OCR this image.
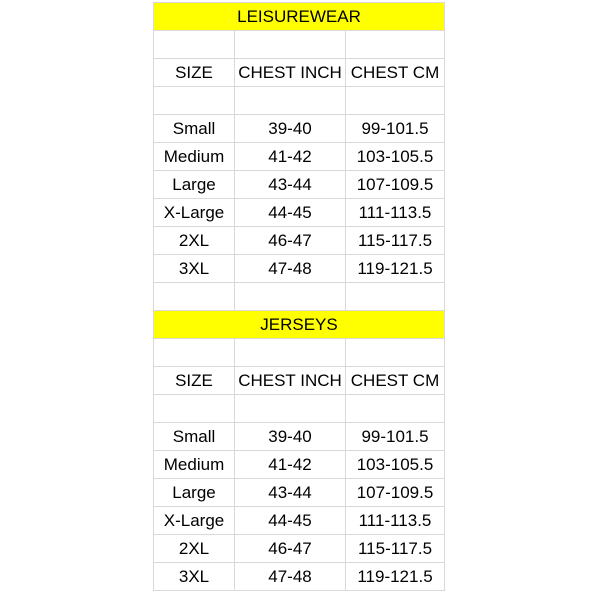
LEISUREWEAR		

SIZE	CHEST INCH	CHEST CM

Small	39-40	99-101.5
Medium	41-42	103-105.5
Large	43-44	107-109.5
X-Large	44-45	111-113.5
2XL	46-47	115-117.5
3XL	47-48	119-121.5

JERSEYS		

SIZE	CHEST INCH	CHEST CM

Small	39-40	99-101.5
Medium	41-42	103-105.5
Large	43-44	107-109.5
X-Large	44-45	111-113.5
2XL	46-47	115-117.5
3XL	47-48	119-121.5
